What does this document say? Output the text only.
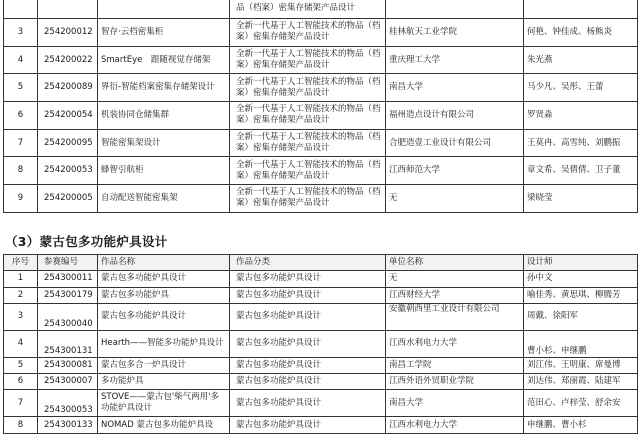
			品（档案）密集存储架产品设计		
3	254200012	智存·云档密集柜	全新一代基于人工智能技术的物品（档案）密集存储架产品设计	桂林航天工业学院	何艳、钟佳成、杨熊炎
4	254200022	SmartEye　跟随视觉存储架	全新一代基于人工智能技术的物品（档案）密集存储架产品设计	重庆理工大学	朱光燕
5	254200089	界衍-智能档案密集存储架设计	全新一代基于人工智能技术的物品（档案）密集存储架产品设计	南昌大学	马少凡、吴彤、王蕾
6	254200054	机装协同仓储集群	全新一代基于人工智能技术的物品（档案）密集存储架产品设计	福州造点设计有限公司	罗贤淼
7	254200095	智能密集架设计	全新一代基于人工智能技术的物品（档案）密集存储架产品设计	合肥造壹工业设计有限公司	王莫冉、高雪纯、刘鹏振
8	254200053	蜂智引航柜	全新一代基于人工智能技术的物品（档案）密集存储架产品设计	江西师范大学	章文希、吴倩倩、卫子董
9	254200005	自动配送智能密集架	全新一代基于人工智能技术的物品（档案）密集存储架产品设计	无	梁晓莹
（3）蒙古包多功能炉具设计
序号	参赛编号	作品名称	作品分类	单位名称	设计师
1	254300011	蒙古包多功能炉具设计	蒙古包多功能炉具设计	无	孙中文
2	254300179	蒙古包多功能炉具	蒙古包多功能炉具设计	江西财经大学	喻佳秀、黄思琪、柳腾芳
3	254300040	蒙古包多功能炉具设计	蒙古包多功能炉具设计	安徽朝西里工业设计有限公司	周戴、徐阳军
4	254300131	Hearth——智能多功能炉具设计	蒙古包多功能炉具设计	江西水利电力大学	曹小杉、申继鹏
5	254300081	蒙古包多合一炉具设计	蒙古包多功能炉具设计	南昌工学院	刘江伟、王明康、席曼博
6	254300007	多功能炉具	蒙古包多功能炉具设计	江西外语外贸职业学院	刘达伟、郑丽霞、陆建军
7	254300053	STOVE——蒙古包'柴气两用'多功能炉具设计	蒙古包多功能炉具设计	南昌大学	范田心、卢梓莹、舒余安
8	254300133	NOMAD 蒙古包多功能炉具设	蒙古包多功能炉具设计	江西水利电力大学	申继鹏、曹小杉
